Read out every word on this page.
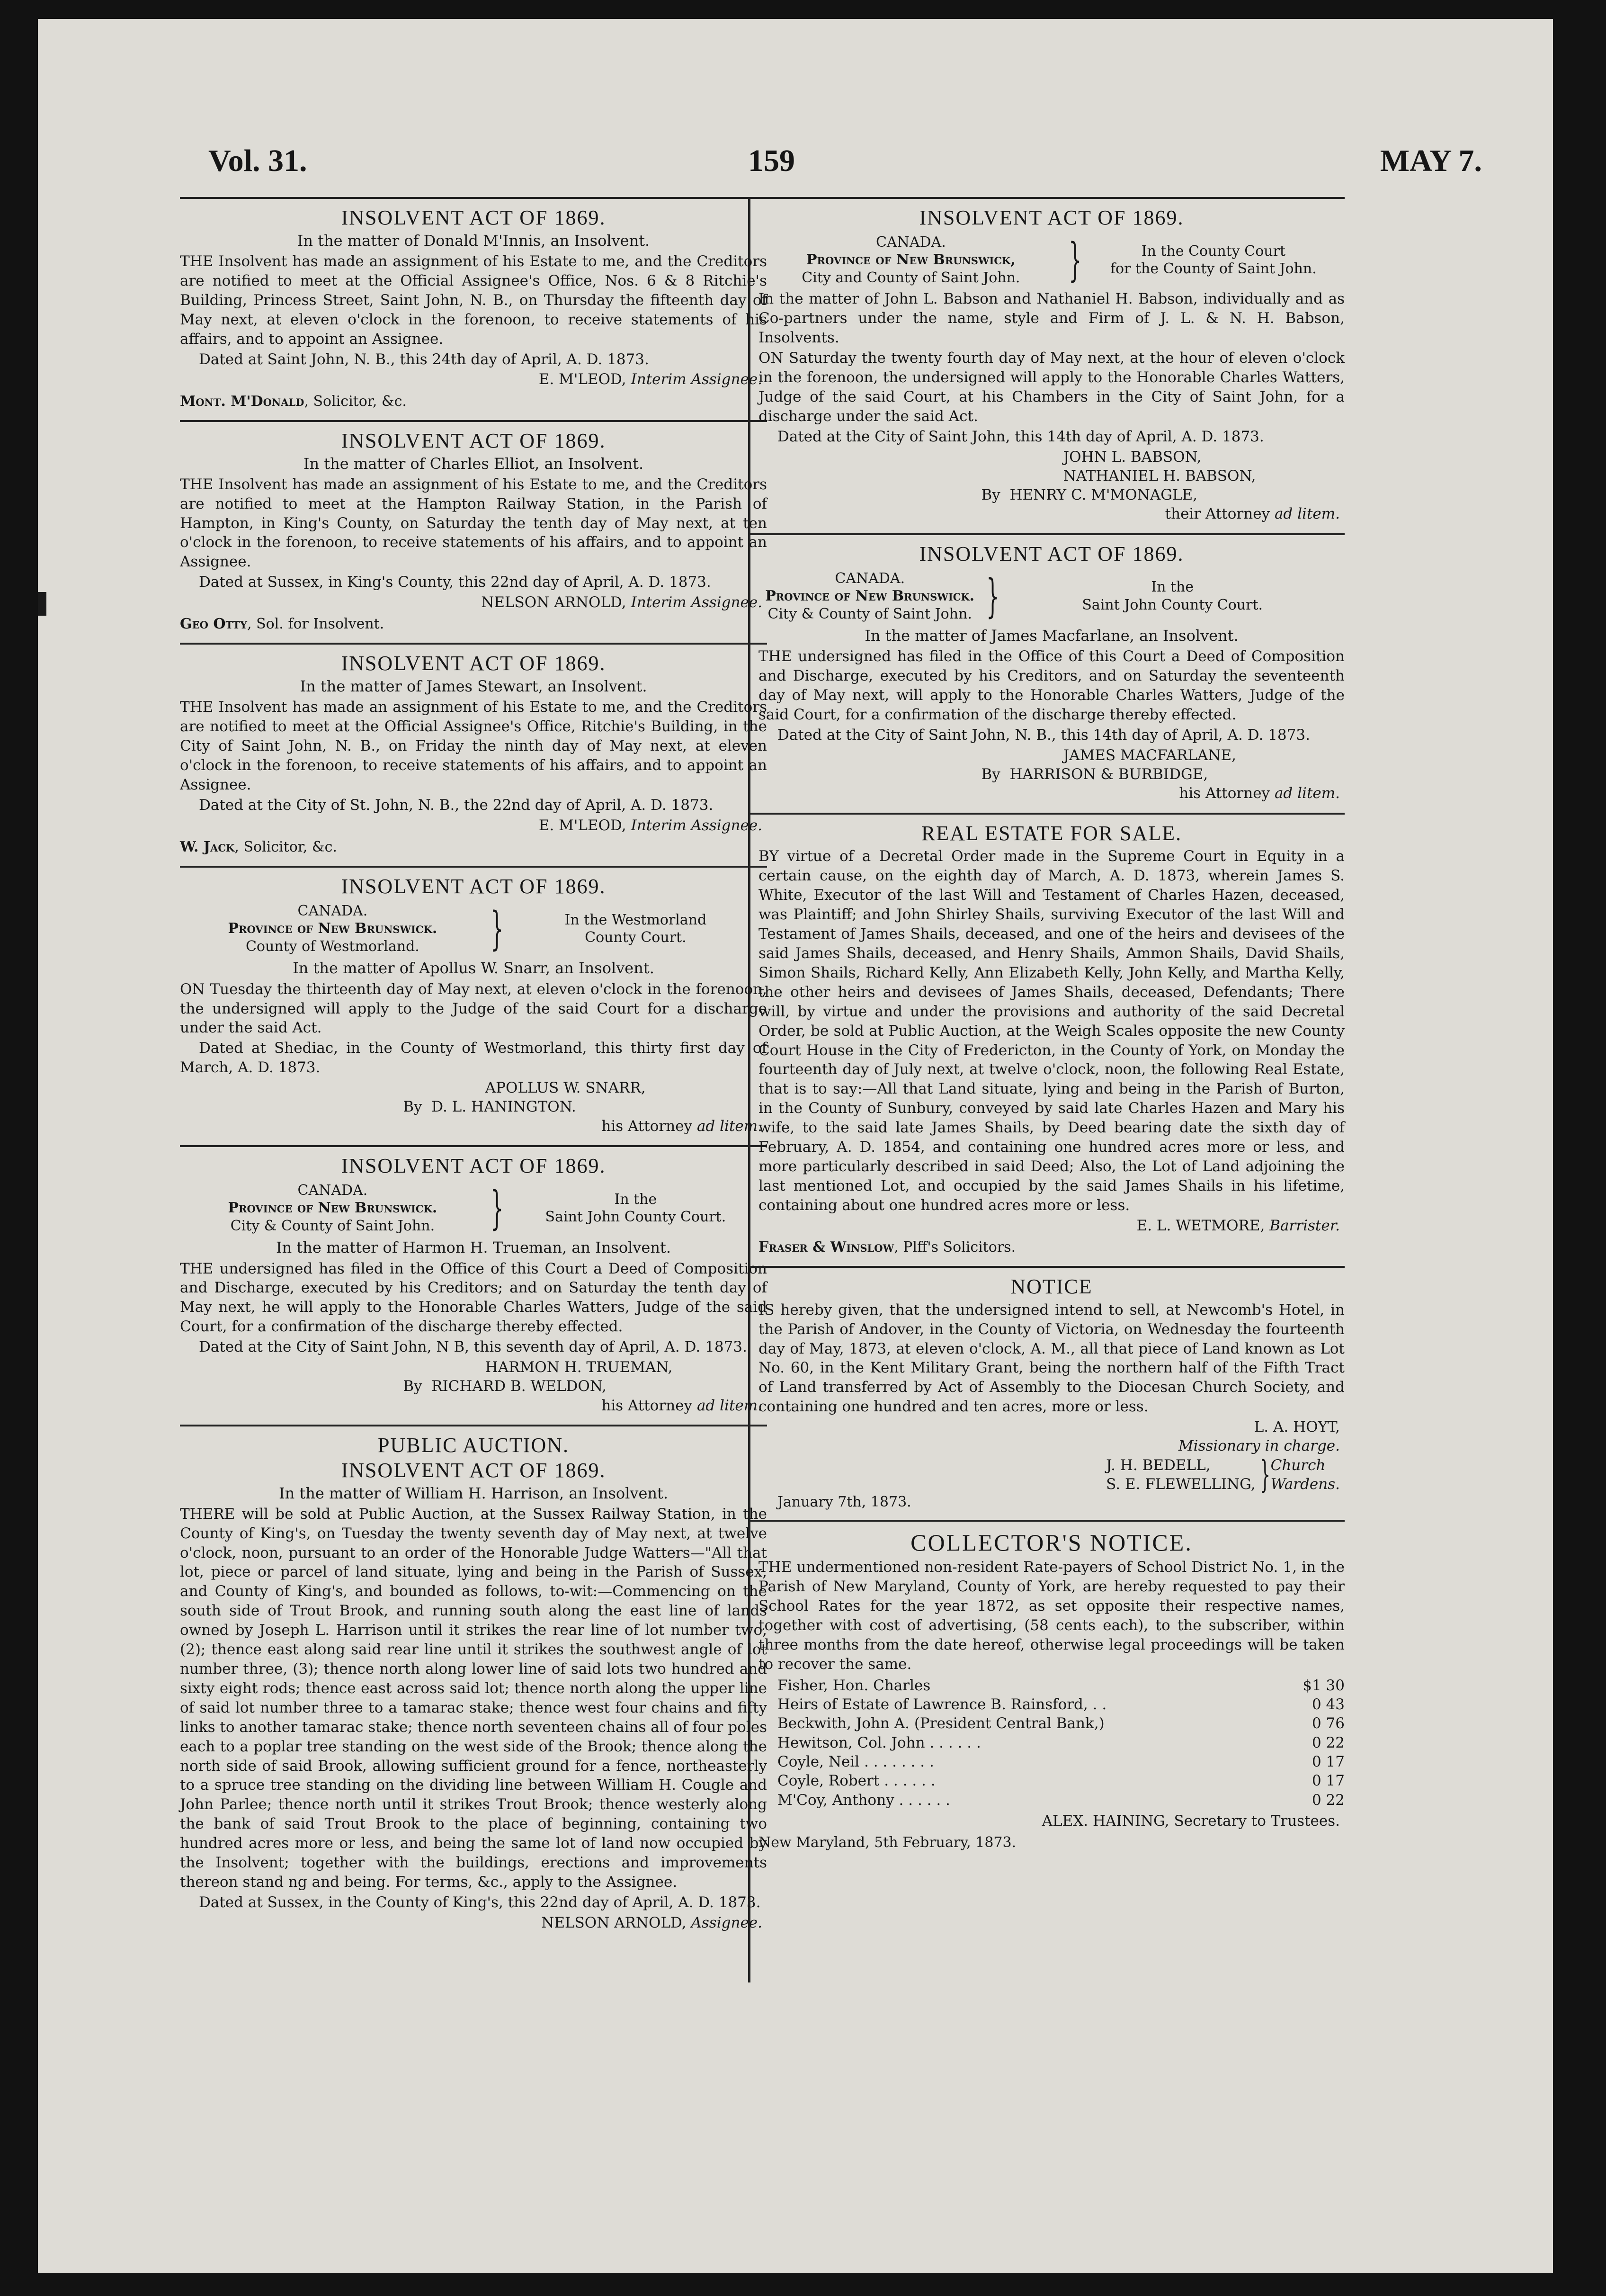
Vol. 31.	159	MAY 7.
INSOLVENT ACT OF 1869.
In the matter of Donald M'Innis, an Insolvent.
THE Insolvent has made an assignment of his Estate to me, and the Creditors are notified to meet at the Official Assignee's Office, Nos. 6 & 8 Ritchie's Building, Princess Street, Saint John, N. B., on Thursday the fifteenth day of May next, at eleven o'clock in the forenoon, to receive statements of his affairs, and to appoint an Assignee.
Dated at Saint John, N. B., this 24th day of April, A. D. 1873.
E. M'LEOD, Interim Assignee.
Mont. M'Donald, Solicitor, &c.
INSOLVENT ACT OF 1869.
In the matter of Charles Elliot, an Insolvent.
THE Insolvent has made an assignment of his Estate to me, and the Creditors are notified to meet at the Hampton Railway Station, in the Parish of Hampton, in King's County, on Saturday the tenth day of May next, at ten o'clock in the forenoon, to receive statements of his affairs, and to appoint an Assignee.
Dated at Sussex, in King's County, this 22nd day of April, A. D. 1873.
NELSON ARNOLD, Interim Assignee.
Geo Otty, Sol. for Insolvent.
INSOLVENT ACT OF 1869.
In the matter of James Stewart, an Insolvent.
THE Insolvent has made an assignment of his Estate to me, and the Creditors are notified to meet at the Official Assignee's Office, Ritchie's Building, in the City of Saint John, N. B., on Friday the ninth day of May next, at eleven o'clock in the forenoon, to receive statements of his affairs, and to appoint an Assignee.
Dated at the City of St. John, N. B., the 22nd day of April, A. D. 1873.
E. M'LEOD, Interim Assignee.
W. Jack, Solicitor, &c.
INSOLVENT ACT OF 1869.
CANADA.
Province of New Brunswick.
County of Westmorland.	}	In the Westmorland
County Court.
In the matter of Apollus W. Snarr, an Insolvent.
ON Tuesday the thirteenth day of May next, at eleven o'clock in the forenoon, the undersigned will apply to the Judge of the said Court for a discharge under the said Act.
Dated at Shediac, in the County of Westmorland, this thirty first day of March, A. D. 1873.
APOLLUS W. SNARR,
By D. L. HANINGTON.
his Attorney ad litem.
INSOLVENT ACT OF 1869.
CANADA.
Province of New Brunswick.
City & County of Saint John.	}	In the
Saint John County Court.
In the matter of Harmon H. Trueman, an Insolvent.
THE undersigned has filed in the Office of this Court a Deed of Composition and Discharge, executed by his Creditors; and on Saturday the tenth day of May next, he will apply to the Honorable Charles Watters, Judge of the said Court, for a confirmation of the discharge thereby effected.
Dated at the City of Saint John, N B, this seventh day of April, A. D. 1873.
HARMON H. TRUEMAN,
By RICHARD B. WELDON,
his Attorney ad litem.
PUBLIC AUCTION.
INSOLVENT ACT OF 1869.
In the matter of William H. Harrison, an Insolvent.
THERE will be sold at Public Auction, at the Sussex Railway Station, in the County of King's, on Tuesday the twenty seventh day of May next, at twelve o'clock, noon, pursuant to an order of the Honorable Judge Watters—"All that lot, piece or parcel of land situate, lying and being in the Parish of Sussex, and County of King's, and bounded as follows, to-wit:—Commencing on the south side of Trout Brook, and running south along the east line of lands owned by Joseph L. Harrison until it strikes the rear line of lot number two, (2); thence east along said rear line until it strikes the southwest angle of lot number three, (3); thence north along lower line of said lots two hundred and sixty eight rods; thence east across said lot; thence north along the upper line of said lot number three to a tamarac stake; thence west four chains and fifty links to another tamarac stake; thence north seventeen chains all of four poles each to a poplar tree standing on the west side of the Brook; thence along the north side of said Brook, allowing sufficient ground for a fence, northeasterly to a spruce tree standing on the dividing line between William H. Cougle and John Parlee; thence north until it strikes Trout Brook; thence westerly along the bank of said Trout Brook to the place of beginning, containing two hundred acres more or less, and being the same lot of land now occupied by the Insolvent; together with the buildings, erections and improvements thereon stand ng and being. For terms, &c., apply to the Assignee.
Dated at Sussex, in the County of King's, this 22nd day of April, A. D. 1873.
NELSON ARNOLD, Assignee.
INSOLVENT ACT OF 1869.
CANADA.
Province of New Brunswick,
City and County of Saint John.	}	In the County Court
for the County of Saint John.
In the matter of John L. Babson and Nathaniel H. Babson, individually and as Co-partners under the name, style and Firm of J. L. & N. H. Babson, Insolvents.
ON Saturday the twenty fourth day of May next, at the hour of eleven o'clock in the forenoon, the undersigned will apply to the Honorable Charles Watters, Judge of the said Court, at his Chambers in the City of Saint John, for a discharge under the said Act.
Dated at the City of Saint John, this 14th day of April, A. D. 1873.
JOHN L. BABSON,
NATHANIEL H. BABSON,
By HENRY C. M'MONAGLE,
their Attorney ad litem.
INSOLVENT ACT OF 1869.
CANADA.
Province of New Brunswick.
City & County of Saint John. }	In the
Saint John County Court.
In the matter of James Macfarlane, an Insolvent.
THE undersigned has filed in the Office of this Court a Deed of Composition and Discharge, executed by his Creditors, and on Saturday the seventeenth day of May next, will apply to the Honorable Charles Watters, Judge of the said Court, for a confirmation of the discharge thereby effected.
Dated at the City of Saint John, N. B., this 14th day of April, A. D. 1873.
JAMES MACFARLANE,
By HARRISON & BURBIDGE,
his Attorney ad litem.
REAL ESTATE FOR SALE.
BY virtue of a Decretal Order made in the Supreme Court in Equity in a certain cause, on the eighth day of March, A. D. 1873, wherein James S. White, Executor of the last Will and Testament of Charles Hazen, deceased, was Plaintiff; and John Shirley Shails, surviving Executor of the last Will and Testament of James Shails, deceased, and one of the heirs and devisees of the said James Shails, deceased, and Henry Shails, Ammon Shails, David Shails, Simon Shails, Richard Kelly, Ann Elizabeth Kelly, John Kelly, and Martha Kelly, the other heirs and devisees of James Shails, deceased, Defendants; There will, by virtue and under the provisions and authority of the said Decretal Order, be sold at Public Auction, at the Weigh Scales opposite the new County Court House in the City of Fredericton, in the County of York, on Monday the fourteenth day of July next, at twelve o'clock, noon, the following Real Estate, that is to say:—All that Land situate, lying and being in the Parish of Burton, in the County of Sunbury, conveyed by said late Charles Hazen and Mary his wife, to the said late James Shails, by Deed bearing date the sixth day of February, A. D. 1854, and containing one hundred acres more or less, and more particularly described in said Deed; Also, the Lot of Land adjoining the last mentioned Lot, and occupied by the said James Shails in his lifetime, containing about one hundred acres more or less.
E. L. WETMORE, Barrister.
Fraser & Winslow, Plff's Solicitors.
NOTICE
IS hereby given, that the undersigned intend to sell, at Newcomb's Hotel, in the Parish of Andover, in the County of Victoria, on Wednesday the fourteenth day of May, 1873, at eleven o'clock, A. M., all that piece of Land known as Lot No. 60, in the Kent Military Grant, being the northern half of the Fifth Tract of Land transferred by Act of Assembly to the Diocesan Church Society, and containing one hundred and ten acres, more or less.
L. A. HOYT,
Missionary in charge.
J. H. BEDELL,
S. E. FLEWELLING, } Church
Wardens.
January 7th, 1873.
COLLECTOR'S NOTICE.
THE undermentioned non-resident Rate-payers of School District No. 1, in the Parish of New Maryland, County of York, are hereby requested to pay their School Rates for the year 1872, as set opposite their respective names, together with cost of advertising, (58 cents each), to the subscriber, within three months from the date hereof, otherwise legal proceedings will be taken to recover the same.
Fisher, Hon. Charles	$1 30
Heirs of Estate of Lawrence B. Rainsford, . .	0 43
Beckwith, John A. (President Central Bank,)	0 76
Hewitson, Col. John . . . . . .	0 22
Coyle, Neil . . . . . . . .	0 17
Coyle, Robert . . . . . .	0 17
M'Coy, Anthony . . . . . .	0 22
ALEX. HAINING, Secretary to Trustees.
New Maryland, 5th February, 1873.
